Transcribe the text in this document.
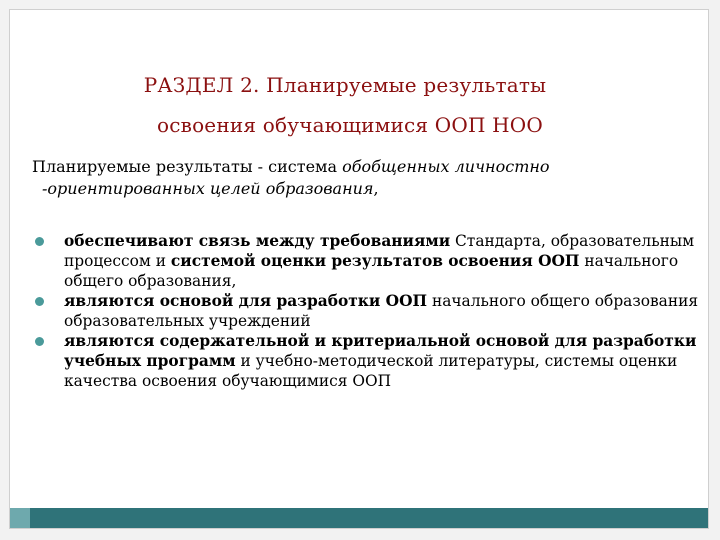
РАЗДЕЛ 2. Планируемые результаты
освоения обучающимися ООП НОО
Планируемые результаты - система обобщенных личностно
-ориентированных целей образования,
обеспечивают связь между требованиями Стандарта, образовательным процессом и системой оценки результатов освоения ООП начального общего образования,
являются основой для разработки ООП начального общего образования образовательных учреждений
являются содержательной и критериальной основой для разработки учебных программ и учебно-методической литературы, системы оценки качества освоения обучающимися ООП
